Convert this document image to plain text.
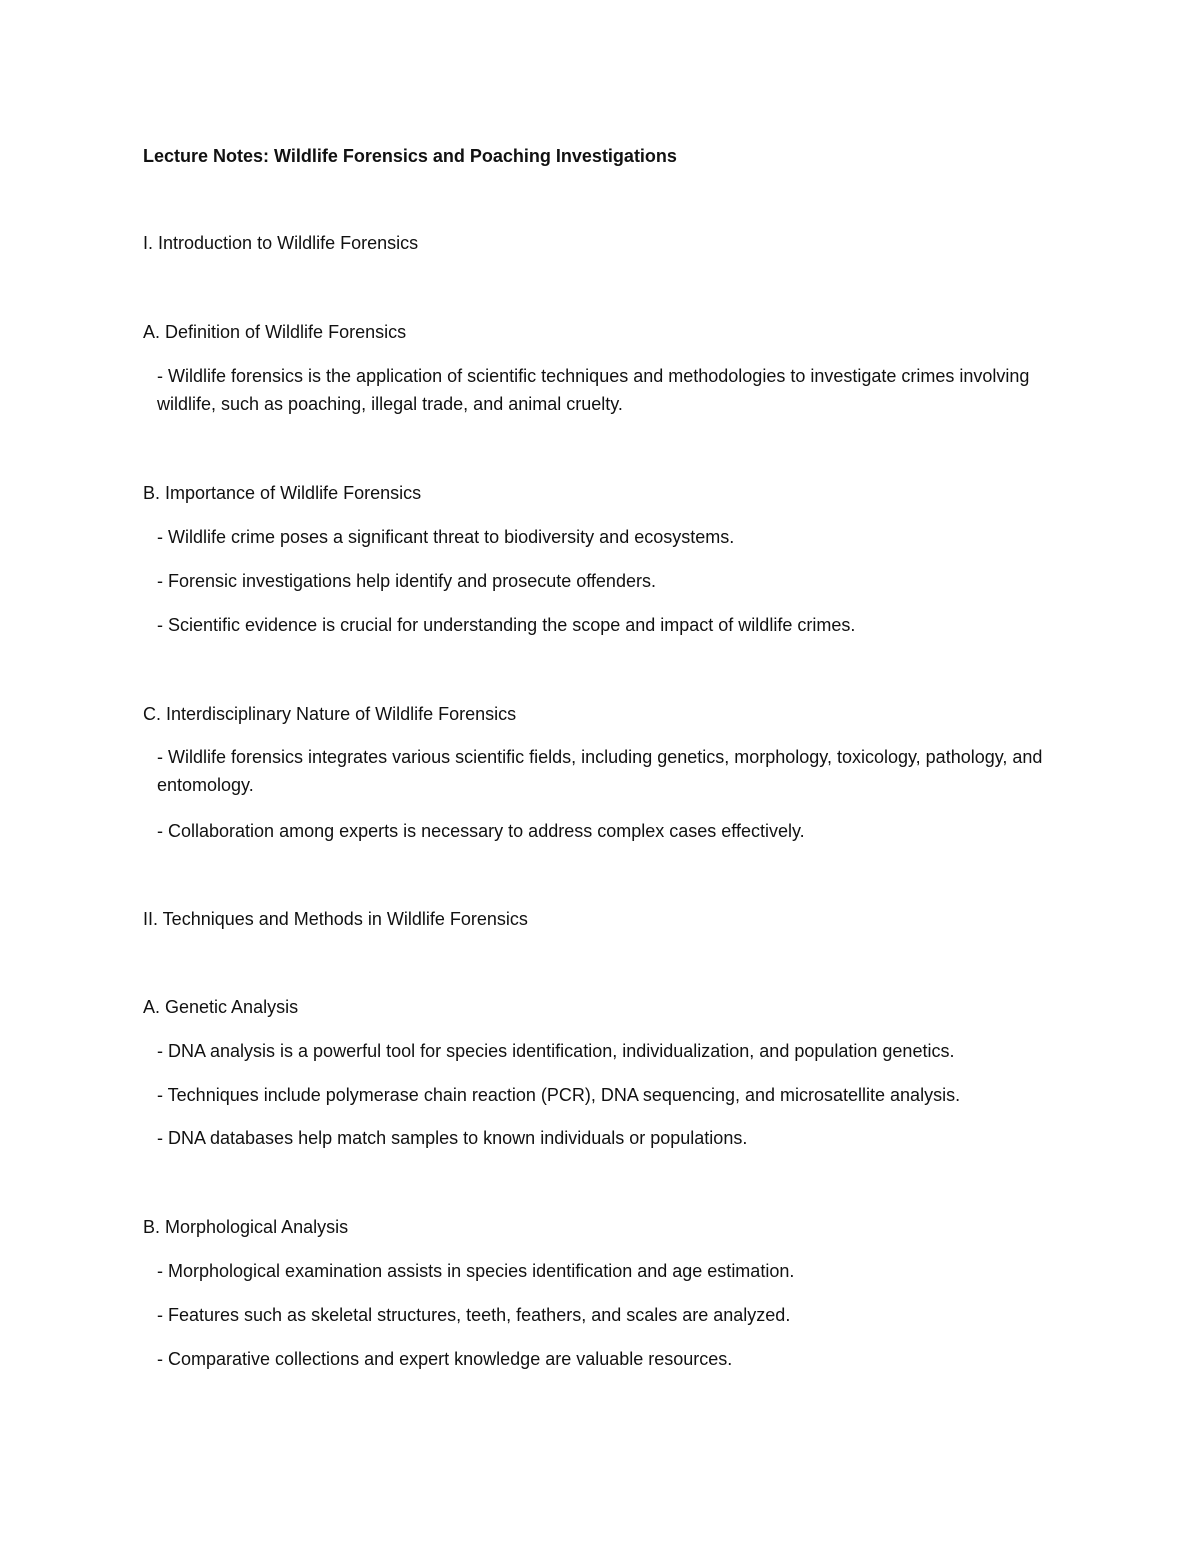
Lecture Notes: Wildlife Forensics and Poaching Investigations
I. Introduction to Wildlife Forensics
A. Definition of Wildlife Forensics
- Wildlife forensics is the application of scientific techniques and methodologies to investigate crimes involving wildlife, such as poaching, illegal trade, and animal cruelty.
B. Importance of Wildlife Forensics
- Wildlife crime poses a significant threat to biodiversity and ecosystems.
- Forensic investigations help identify and prosecute offenders.
- Scientific evidence is crucial for understanding the scope and impact of wildlife crimes.
C. Interdisciplinary Nature of Wildlife Forensics
- Wildlife forensics integrates various scientific fields, including genetics, morphology, toxicology, pathology, and entomology.
- Collaboration among experts is necessary to address complex cases effectively.
II. Techniques and Methods in Wildlife Forensics
A. Genetic Analysis
- DNA analysis is a powerful tool for species identification, individualization, and population genetics.
- Techniques include polymerase chain reaction (PCR), DNA sequencing, and microsatellite analysis.
- DNA databases help match samples to known individuals or populations.
B. Morphological Analysis
- Morphological examination assists in species identification and age estimation.
- Features such as skeletal structures, teeth, feathers, and scales are analyzed.
- Comparative collections and expert knowledge are valuable resources.
